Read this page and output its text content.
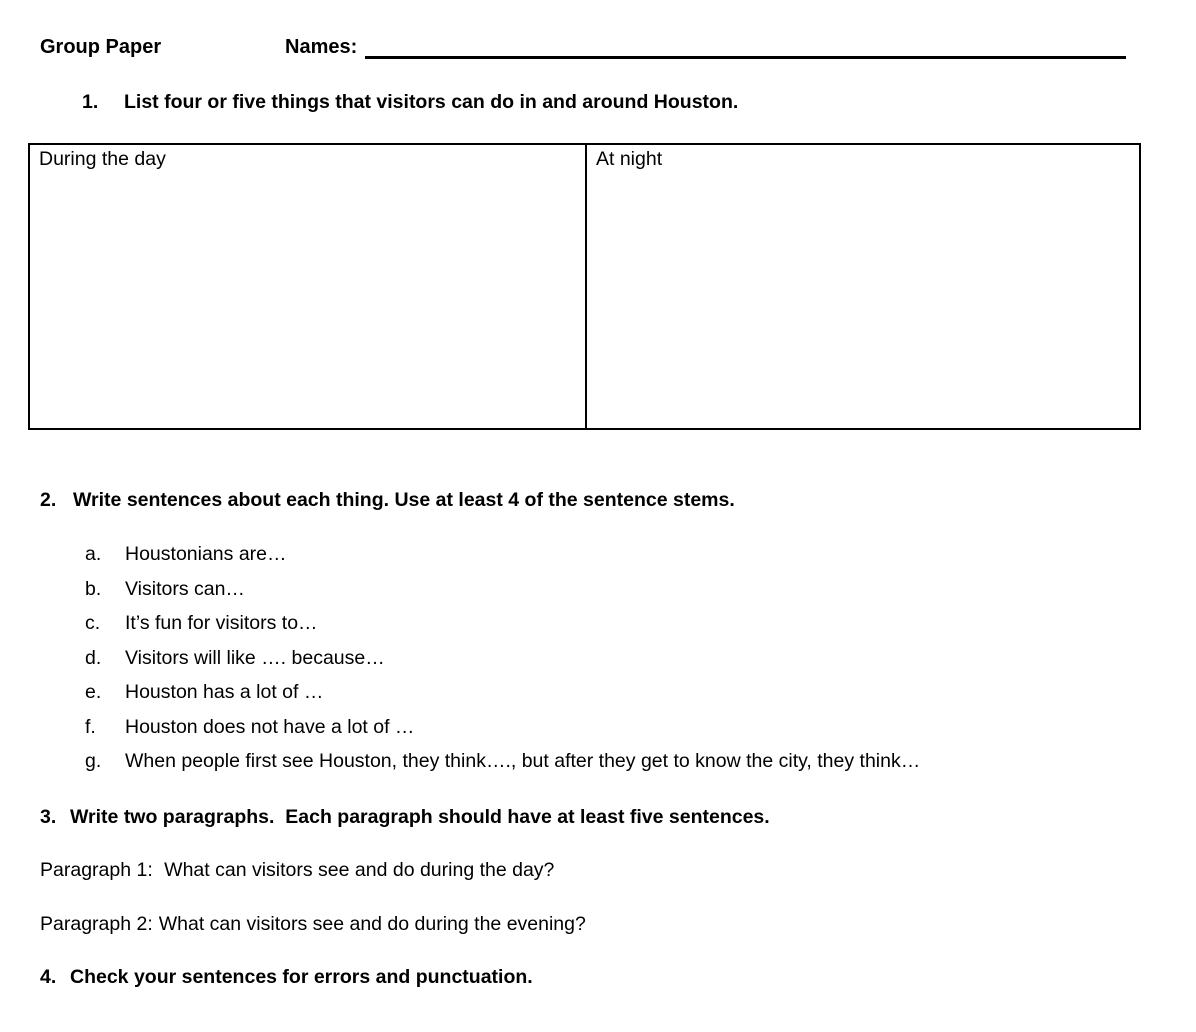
Group Paper	Names:
1.	List four or five things that visitors can do in and around Houston.
During the day	At night
2. Write sentences about each thing. Use at least 4 of the sentence stems.
a.	Houstonians are…
b.	Visitors can…
c.	It’s fun for visitors to…
d.	Visitors will like …. because…
e.	Houston has a lot of …
f.	Houston does not have a lot of …
g.	When people first see Houston, they think…., but after they get to know the city, they think…
3. Write two paragraphs.  Each paragraph should have at least five sentences.
Paragraph 1: What can visitors see and do during the day?
Paragraph 2: What can visitors see and do during the evening?
4. Check your sentences for errors and punctuation.
